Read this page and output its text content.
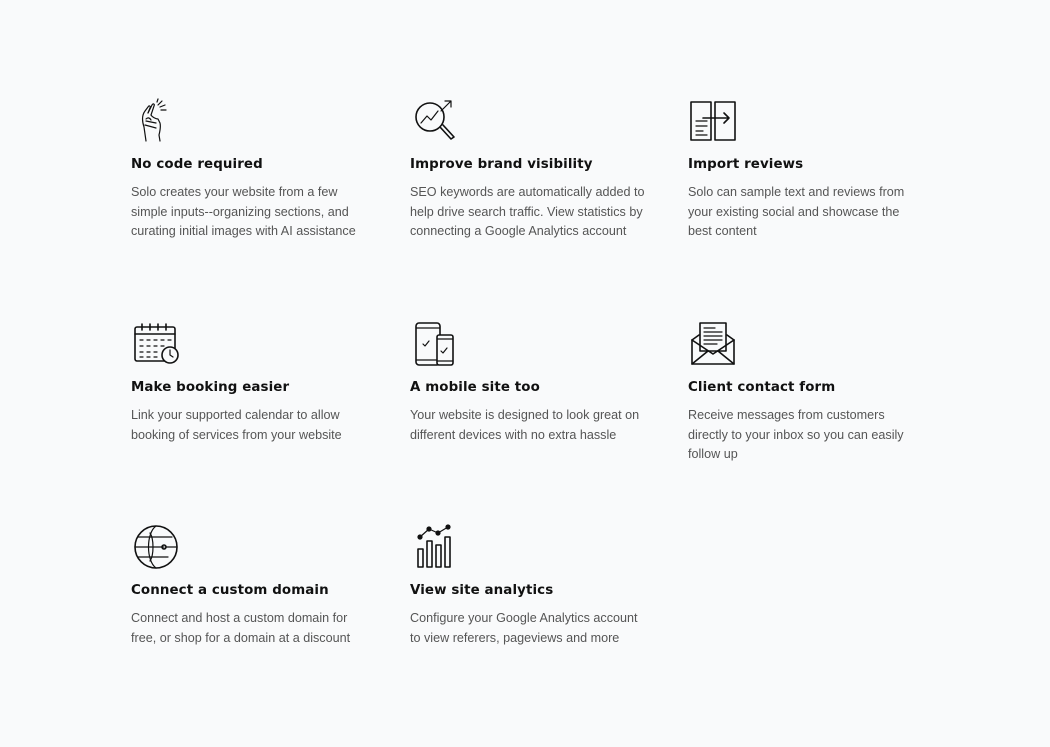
No code required

Solo creates your website from a few simple inputs--organizing sections, and curating initial images with AI assistance

Improve brand visibility

SEO keywords are automatically added to help drive search traffic. View statistics by connecting a Google Analytics account

Import reviews

Solo can sample text and reviews from your existing social and showcase the best content

Make booking easier

Link your supported calendar to allow booking of services from your website

A mobile site too

Your website is designed to look great on different devices with no extra hassle

Client contact form

Receive messages from customers directly to your inbox so you can easily follow up

Connect a custom domain

Connect and host a custom domain for free, or shop for a domain at a discount

View site analytics

Configure your Google Analytics account to view referers, pageviews and more
